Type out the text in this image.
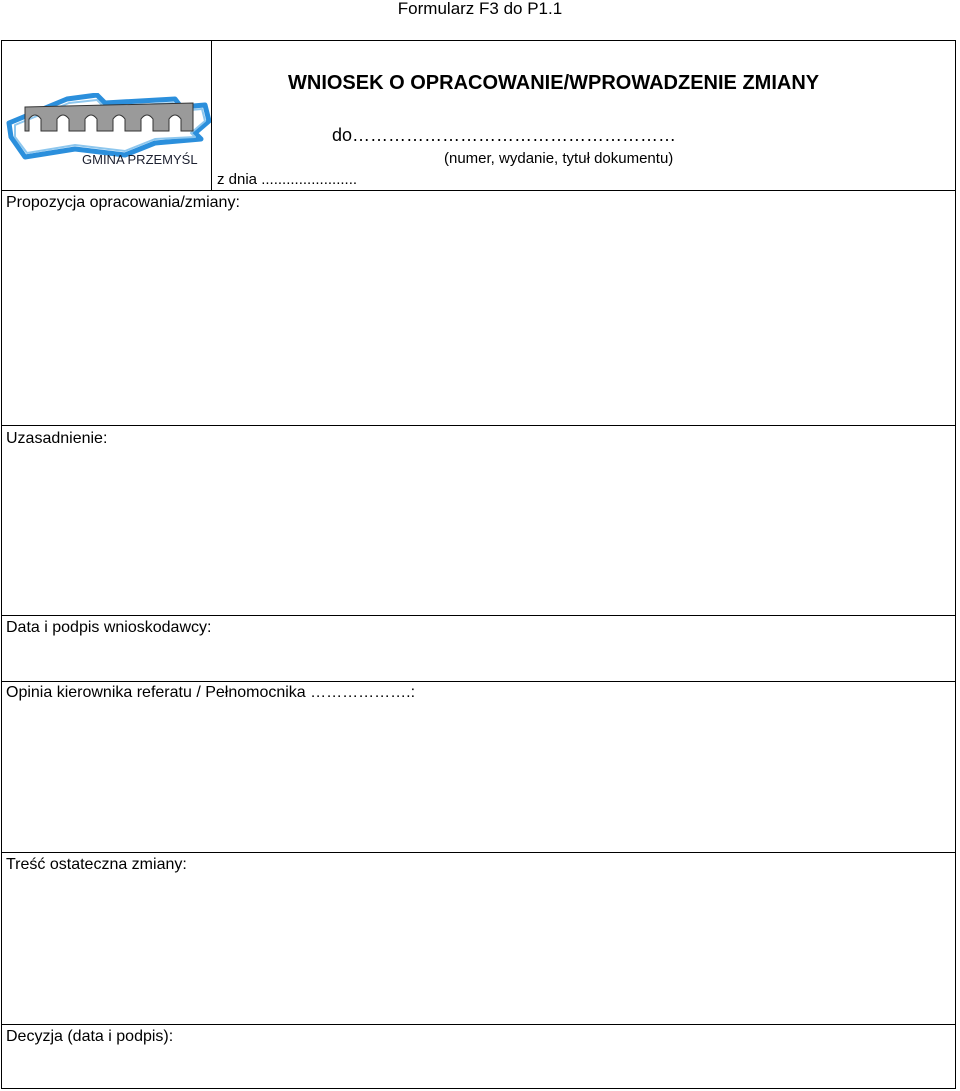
Formularz F3 do P1.1
GMINA PRZEMYŚL
WNIOSEK O OPRACOWANIE/WPROWADZENIE ZMIANY
do………………………………………………
(numer, wydanie, tytuł dokumentu)
z dnia .......................
Propozycja opracowania/zmiany:
Uzasadnienie:
Data i podpis wnioskodawcy:
Opinia kierownika referatu / Pełnomocnika ……………….:
Treść ostateczna zmiany:
Decyzja (data i podpis):
